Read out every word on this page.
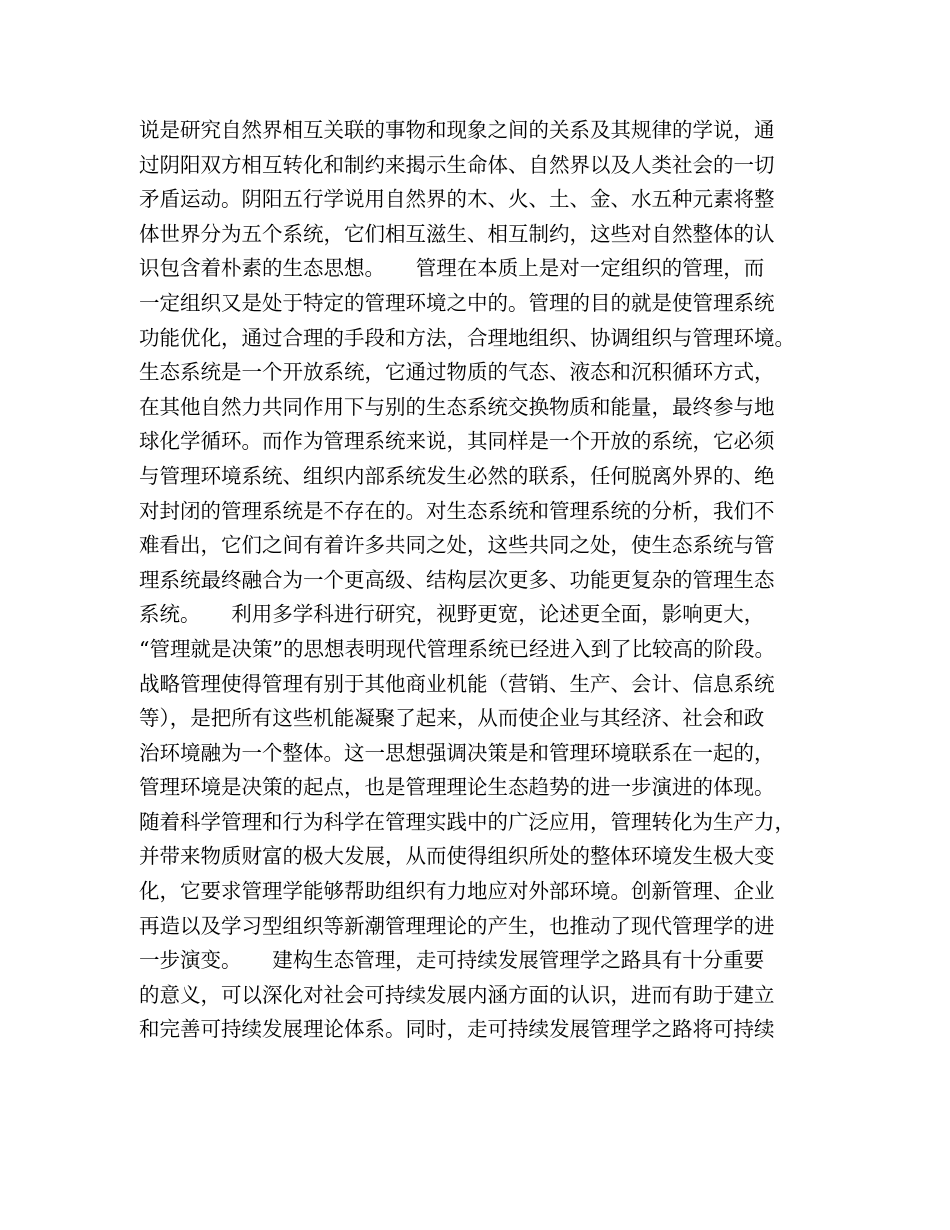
说是研究自然界相互关联的事物和现象之间的关系及其规律的学说，通
过阴阳双方相互转化和制约来揭示生命体、自然界以及人类社会的一切
矛盾运动。阴阳五行学说用自然界的木、火、土、金、水五种元素将整
体世界分为五个系统，它们相互滋生、相互制约，这些对自然整体的认
识包含着朴素的生态思想。　　管理在本质上是对一定组织的管理，而
一定组织又是处于特定的管理环境之中的。管理的目的就是使管理系统
功能优化，通过合理的手段和方法，合理地组织、协调组织与管理环境。
生态系统是一个开放系统，它通过物质的气态、液态和沉积循环方式，
在其他自然力共同作用下与别的生态系统交换物质和能量，最终参与地
球化学循环。而作为管理系统来说，其同样是一个开放的系统，它必须
与管理环境系统、组织内部系统发生必然的联系，任何脱离外界的、绝
对封闭的管理系统是不存在的。对生态系统和管理系统的分析，我们不
难看出，它们之间有着许多共同之处，这些共同之处，使生态系统与管
理系统最终融合为一个更高级、结构层次更多、功能更复杂的管理生态
系统。　　利用多学科进行研究，视野更宽，论述更全面，影响更大，
“管理就是决策”的思想表明现代管理系统已经进入到了比较高的阶段。
战略管理使得管理有别于其他商业机能（营销、生产、会计、信息系统
等），是把所有这些机能凝聚了起来，从而使企业与其经济、社会和政
治环境融为一个整体。这一思想强调决策是和管理环境联系在一起的，
管理环境是决策的起点，也是管理理论生态趋势的进一步演进的体现。
随着科学管理和行为科学在管理实践中的广泛应用，管理转化为生产力，
并带来物质财富的极大发展，从而使得组织所处的整体环境发生极大变
化，它要求管理学能够帮助组织有力地应对外部环境。创新管理、企业
再造以及学习型组织等新潮管理理论的产生，也推动了现代管理学的进
一步演变。　　建构生态管理，走可持续发展管理学之路具有十分重要
的意义，可以深化对社会可持续发展内涵方面的认识，进而有助于建立
和完善可持续发展理论体系。同时，走可持续发展管理学之路将可持续
